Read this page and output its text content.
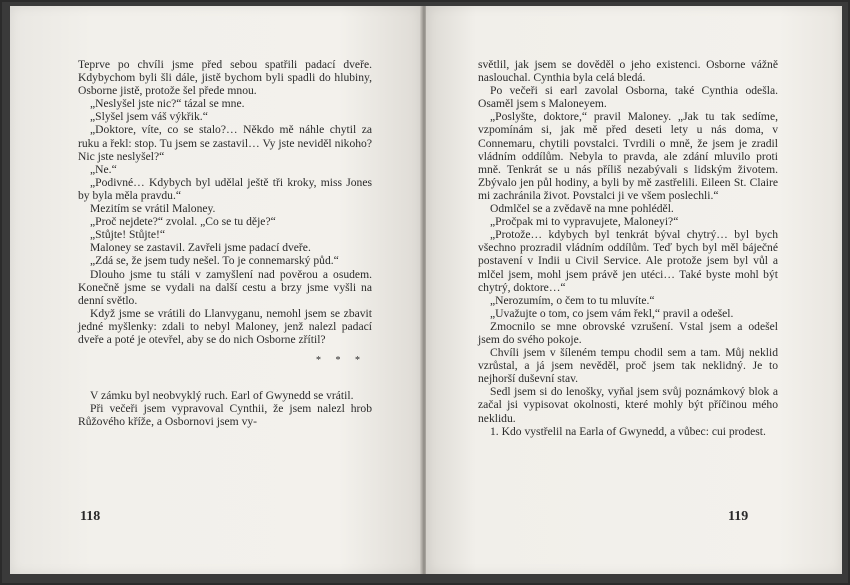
Teprve po chvíli jsme před sebou spatřili padací dveře. Kdybychom byli šli dále, jistě bychom byli spadli do hlubiny, Osborne jistě, protože šel přede mnou.

„Neslyšel jste nic?“ tázal se mne.

„Slyšel jsem váš výkřik.“

„Doktore, víte, co se stalo?… Někdo mě náhle chytil za ruku a řekl: stop. Tu jsem se zastavil… Vy jste neviděl nikoho? Nic jste neslyšel?“

„Ne.“

„Podivné… Kdybych byl udělal ještě tři kroky, miss Jones by byla měla pravdu.“

Mezitím se vrátil Maloney.

„Proč nejdete?“ zvolal. „Co se tu děje?“

„Stůjte! Stůjte!“

Maloney se zastavil. Zavřeli jsme padací dveře.

„Zdá se, že jsem tudy nešel. To je connemarský půd.“

Dlouho jsme tu stáli v zamyšlení nad pověrou a osudem. Konečně jsme se vydali na další cestu a brzy jsme vyšli na denní světlo.

Když jsme se vrátili do Llanvyganu, nemohl jsem se zbavit jedné myšlenky: zdali to nebyl Maloney, jenž nalezl padací dveře a poté je otevřel, aby se do nich Osborne zřítil?

* * *

V zámku byl neobvyklý ruch. Earl of Gwynedd se vrátil.

Při večeři jsem vypravoval Cynthii, že jsem nalezl hrob Růžového kříže, a Osbornovi jsem vy-

118

světlil, jak jsem se dověděl o jeho existenci. Osborne vážně naslouchal. Cynthia byla celá bledá.

Po večeři si earl zavolal Osborna, také Cynthia odešla. Osaměl jsem s Maloneyem.

„Poslyšte, doktore,“ pravil Maloney. „Jak tu tak sedíme, vzpomínám si, jak mě před deseti lety u nás doma, v Connemaru, chytili povstalci. Tvrdili o mně, že jsem je zradil vládním oddílům. Nebyla to pravda, ale zdání mluvilo proti mně. Tenkrát se u nás příliš nezabývali s lidským životem. Zbývalo jen půl hodiny, a byli by mě zastřelili. Eileen St. Claire mi zachránila život. Povstalci ji ve všem poslechli.“

Odmlčel se a zvědavě na mne pohléděl.

„Pročpak mi to vypravujete, Maloneyi?“

„Protože… kdybych byl tenkrát býval chytrý… byl bych všechno prozradil vládním oddílům. Teď bych byl měl báječné postavení v Indii u Civil Service. Ale protože jsem byl vůl a mlčel jsem, mohl jsem právě jen utéci… Také byste mohl být chytrý, doktore…“

„Nerozumím, o čem to tu mluvíte.“

„Uvažujte o tom, co jsem vám řekl,“ pravil a odešel.

Zmocnilo se mne obrovské vzrušení. Vstal jsem a odešel jsem do svého pokoje.

Chvíli jsem v šíleném tempu chodil sem a tam. Můj neklid vzrůstal, a já jsem nevěděl, proč jsem tak neklidný. Je to nejhorší duševní stav.

Sedl jsem si do lenošky, vyňal jsem svůj poznámkový blok a začal jsi vypisovat okolnosti, které mohly být příčinou mého neklidu.

1. Kdo vystřelil na Earla of Gwynedd, a vůbec: cui prodest.

119
